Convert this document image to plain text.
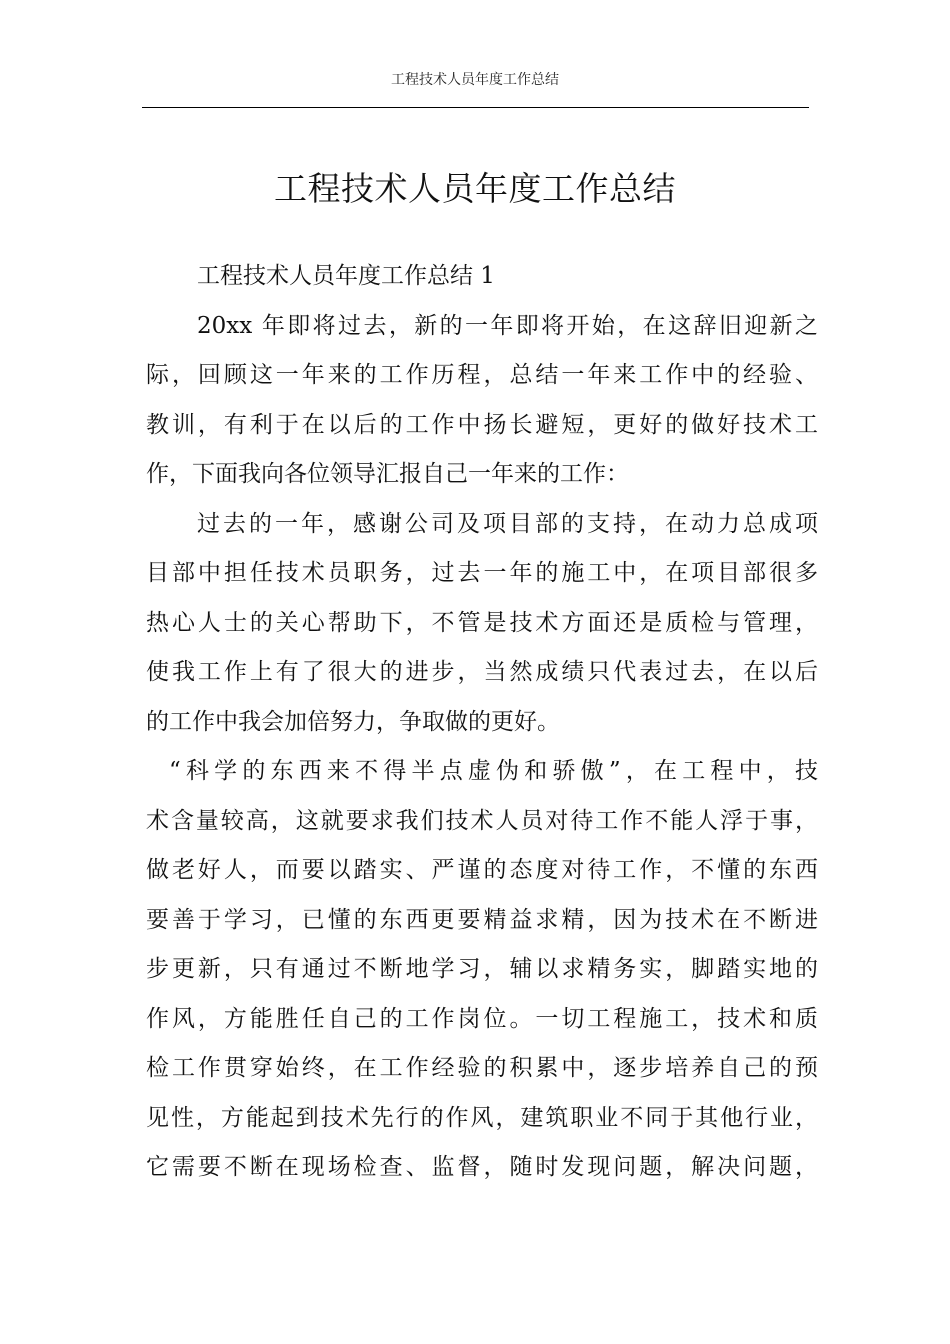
工程技术人员年度工作总结
工程技术人员年度工作总结
工程技术人员年度工作总结 1
20xx 年即将过去，新的一年即将开始，在这辞旧迎新之
际，回顾这一年来的工作历程，总结一年来工作中的经验、
教训，有利于在以后的工作中扬长避短，更好的做好技术工
作，下面我向各位领导汇报自己一年来的工作：
过去的一年，感谢公司及项目部的支持，在动力总成项
目部中担任技术员职务，过去一年的施工中，在项目部很多
热心人士的关心帮助下，不管是技术方面还是质检与管理，
使我工作上有了很大的进步，当然成绩只代表过去，在以后
的工作中我会加倍努力，争取做的更好。
“科学的东西来不得半点虚伪和骄傲”，在工程中，技
术含量较高，这就要求我们技术人员对待工作不能人浮于事，
做老好人，而要以踏实、严谨的态度对待工作，不懂的东西
要善于学习，已懂的东西更要精益求精，因为技术在不断进
步更新，只有通过不断地学习，辅以求精务实，脚踏实地的
作风，方能胜任自己的工作岗位。一切工程施工，技术和质
检工作贯穿始终，在工作经验的积累中，逐步培养自己的预
见性，方能起到技术先行的作风，建筑职业不同于其他行业，
它需要不断在现场检查、监督，随时发现问题，解决问题，
